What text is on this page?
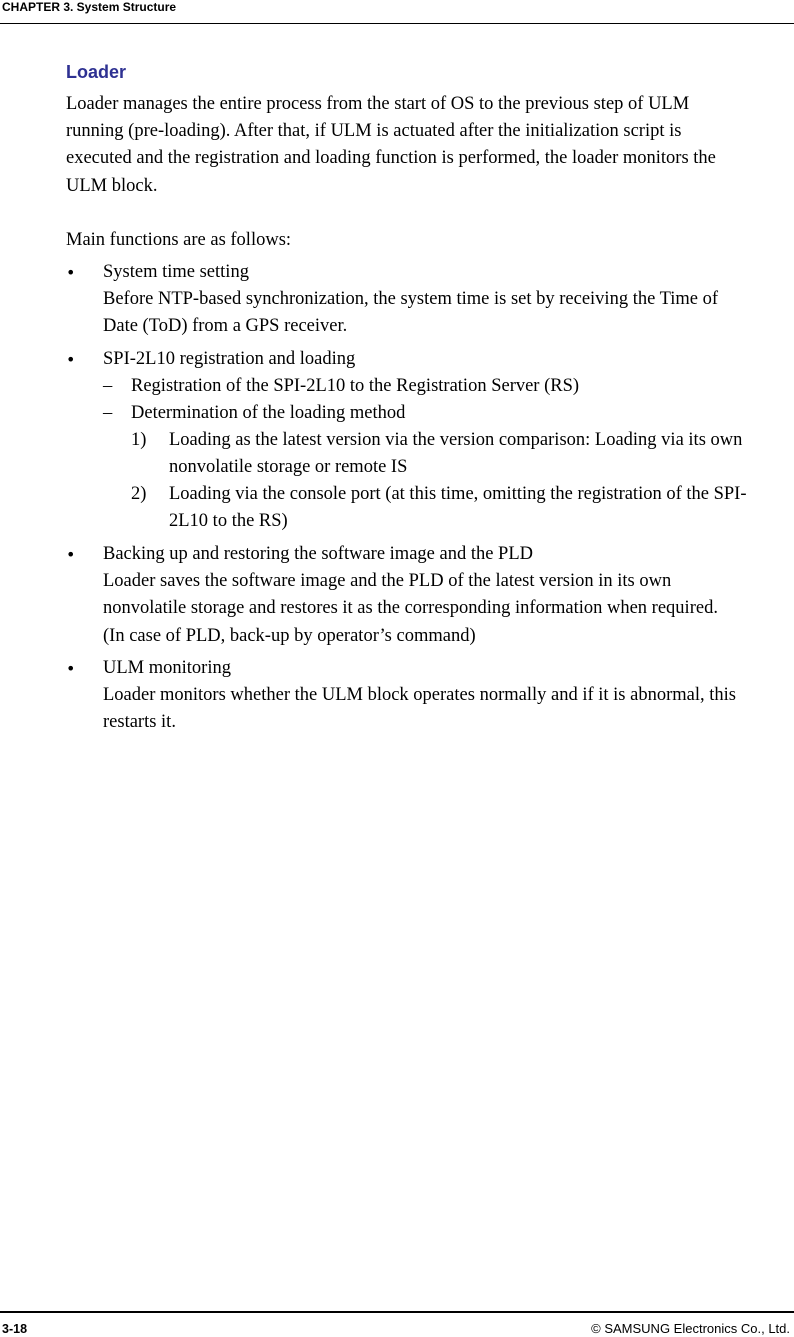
CHAPTER 3. System Structure
Loader

Loader manages the entire process from the start of OS to the previous step of ULM
running (pre-loading). After that, if ULM is actuated after the initialization script is
executed and the registration and loading function is performed, the loader monitors the
ULM block.

Main functions are as follows:

• System time setting
Before NTP-based synchronization, the system time is set by receiving the Time of
Date (ToD) from a GPS receiver.
• SPI-2L10 registration and loading
– Registration of the SPI-2L10 to the Registration Server (RS)
– Determination of the loading method
1) Loading as the latest version via the version comparison: Loading via its own
nonvolatile storage or remote IS
2) Loading via the console port (at this time, omitting the registration of the SPI-
2L10 to the RS)
• Backing up and restoring the software image and the PLD
Loader saves the software image and the PLD of the latest version in its own
nonvolatile storage and restores it as the corresponding information when required.
(In case of PLD, back-up by operator’s command)
• ULM monitoring
Loader monitors whether the ULM block operates normally and if it is abnormal, this
restarts it.
3-18	© SAMSUNG Electronics Co., Ltd.
